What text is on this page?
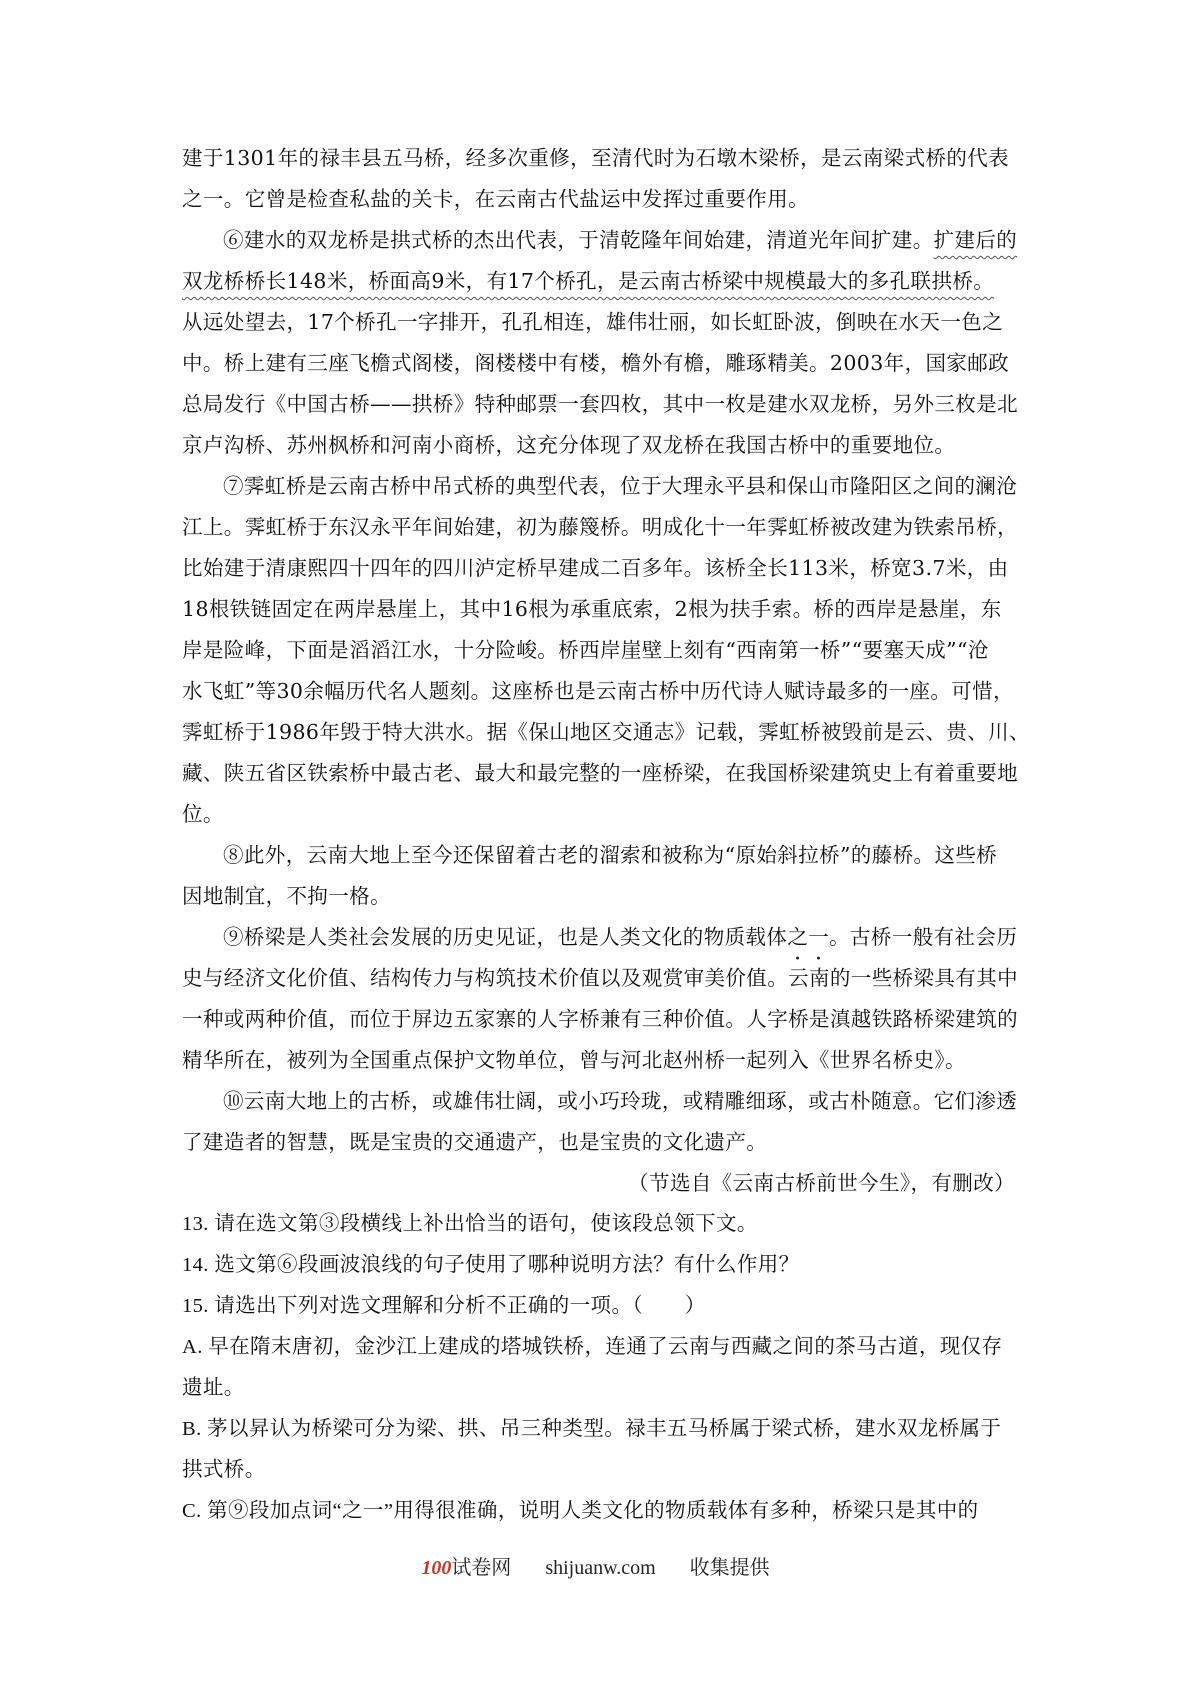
建于1301年的禄丰县五马桥，经多次重修，至清代时为石墩木梁桥，是云南梁式桥的代表
之一。它曾是检查私盐的关卡，在云南古代盐运中发挥过重要作用。
⑥建水的双龙桥是拱式桥的杰出代表，于清乾隆年间始建，清道光年间扩建。扩建后的
双龙桥桥长148米，桥面高9米，有17个桥孔，是云南古桥梁中规模最大的多孔联拱桥。
从远处望去，17个桥孔一字排开，孔孔相连，雄伟壮丽，如长虹卧波，倒映在水天一色之
中。桥上建有三座飞檐式阁楼，阁楼楼中有楼，檐外有檐，雕琢精美。2003年，国家邮政
总局发行《中国古桥——拱桥》特种邮票一套四枚，其中一枚是建水双龙桥，另外三枚是北
京卢沟桥、苏州枫桥和河南小商桥，这充分体现了双龙桥在我国古桥中的重要地位。
⑦霁虹桥是云南古桥中吊式桥的典型代表，位于大理永平县和保山市隆阳区之间的澜沧
江上。霁虹桥于东汉永平年间始建，初为藤篾桥。明成化十一年霁虹桥被改建为铁索吊桥，
比始建于清康熙四十四年的四川泸定桥早建成二百多年。该桥全长113米，桥宽3.7米，由
18根铁链固定在两岸悬崖上，其中16根为承重底索，2根为扶手索。桥的西岸是悬崖，东
岸是险峰，下面是滔滔江水，十分险峻。桥西岸崖壁上刻有“西南第一桥”“要塞天成”“沧
水飞虹”等30余幅历代名人题刻。这座桥也是云南古桥中历代诗人赋诗最多的一座。可惜，
霁虹桥于1986年毁于特大洪水。据《保山地区交通志》记载，霁虹桥被毁前是云、贵、川、
藏、陕五省区铁索桥中最古老、最大和最完整的一座桥梁，在我国桥梁建筑史上有着重要地
位。
⑧此外，云南大地上至今还保留着古老的溜索和被称为“原始斜拉桥”的藤桥。这些桥
因地制宜，不拘一格。
⑨桥梁是人类社会发展的历史见证，也是人类文化的物质载体之一。古桥一般有社会历
史与经济文化价值、结构传力与构筑技术价值以及观赏审美价值。云南的一些桥梁具有其中
一种或两种价值，而位于屏边五家寨的人字桥兼有三种价值。人字桥是滇越铁路桥梁建筑的
精华所在，被列为全国重点保护文物单位，曾与河北赵州桥一起列入《世界名桥史》。
⑩云南大地上的古桥，或雄伟壮阔，或小巧玲珑，或精雕细琢，或古朴随意。它们渗透
了建造者的智慧，既是宝贵的交通遗产，也是宝贵的文化遗产。
（节选自《云南古桥前世今生》，有删改）
13. 请在选文第③段横线上补出恰当的语句，使该段总领下文。
14. 选文第⑥段画波浪线的句子使用了哪种说明方法？有什么作用？
15. 请选出下列对选文理解和分析不正确的一项。（　　）
A. 早在隋末唐初，金沙江上建成的塔城铁桥，连通了云南与西藏之间的茶马古道，现仅存
遗址。
B. 茅以昇认为桥梁可分为梁、拱、吊三种类型。禄丰五马桥属于梁式桥，建水双龙桥属于
拱式桥。
C. 第⑨段加点词“之一”用得很准确，说明人类文化的物质载体有多种，桥梁只是其中的
100试卷网 shijuanw.com 收集提供
